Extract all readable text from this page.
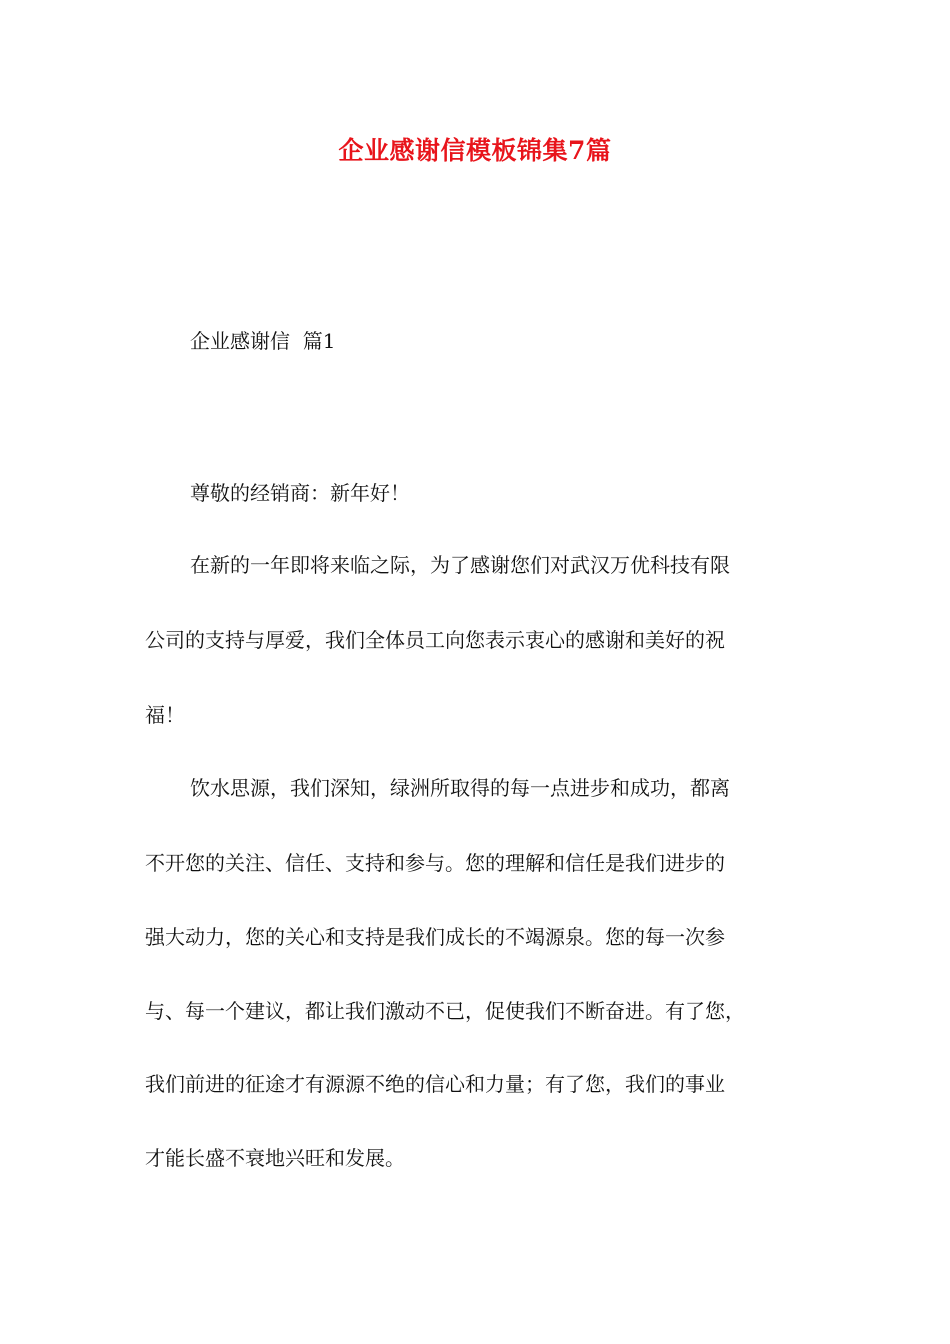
企业感谢信模板锦集7篇
企业感谢信  篇1
尊敬的经销商：新年好！
在新的一年即将来临之际，为了感谢您们对武汉万优科技有限
公司的支持与厚爱，我们全体员工向您表示衷心的感谢和美好的祝
福！
饮水思源，我们深知，绿洲所取得的每一点进步和成功，都离
不开您的关注、信任、支持和参与。您的理解和信任是我们进步的
强大动力，您的关心和支持是我们成长的不竭源泉。您的每一次参
与、每一个建议，都让我们激动不已，促使我们不断奋进。有了您，
我们前进的征途才有源源不绝的信心和力量；有了您，我们的事业
才能长盛不衰地兴旺和发展。
